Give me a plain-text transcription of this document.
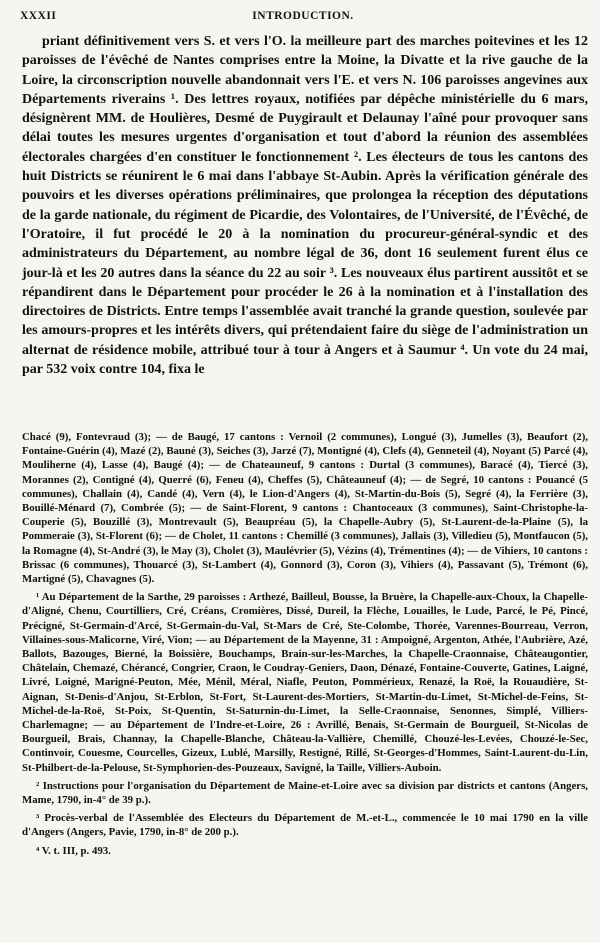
XXXII	INTRODUCTION.
priant définitivement vers S. et vers l'O. la meilleure part des marches poitevines et les 12 paroisses de l'évêché de Nantes comprises entre la Moine, la Divatte et la rive gauche de la Loire, la circonscription nouvelle abandonnait vers l'E. et vers N. 106 paroisses angevines aux Départements riverains ¹. Des lettres royaux, notifiées par dépêche ministérielle du 6 mars, désignèrent MM. de Houlières, Desmé de Puygirault et Delaunay l'aîné pour provoquer sans délai toutes les mesures urgentes d'organisation et tout d'abord la réunion des assemblées électorales chargées d'en constituer le fonctionnement ². Les électeurs de tous les cantons des huit Districts se réunirent le 6 mai dans l'abbaye St-Aubin. Après la vérification générale des pouvoirs et les diverses opérations préliminaires, que prolongea la réception des députations de la garde nationale, du régiment de Picardie, des Volontaires, de l'Université, de l'Évêché, de l'Oratoire, il fut procédé le 20 à la nomination du procureur-général-syndic et des administrateurs du Département, au nombre légal de 36, dont 16 seulement furent élus ce jour-là et les 20 autres dans la séance du 22 au soir ³. Les nouveaux élus partirent aussitôt et se répandirent dans le Département pour procéder le 26 à la nomination et à l'installation des directoires de Districts. Entre temps l'assemblée avait tranché la grande question, soulevée par les amours-propres et les intérêts divers, qui prétendaient faire du siège de l'administration un alternat de résidence mobile, attribué tour à tour à Angers et à Saumur ⁴. Un vote du 24 mai, par 532 voix contre 104, fixa le

Chacé (9), Fontevraud (3); — de Baugé, 17 cantons : Vernoil (2 communes), Longué (3), Jumelles (3), Beaufort (2), Fontaine-Guérin (4), Mazé (2), Bauné (3), Seiches (3), Jarzé (7), Montigné (4), Clefs (4), Genneteil (4), Noyant (5) Parcé (4), Mouliherne (4), Lasse (4), Baugé (4); — de Chateauneuf, 9 cantons : Durtal (3 communes), Baracé (4), Tiercé (3), Morannes (2), Contigné (4), Querré (6), Feneu (4), Cheffes (5), Châteauneuf (4); — de Segré, 10 cantons : Pouancé (5 communes), Challain (4), Candé (4), Vern (4), le Lion-d'Angers (4), St-Martin-du-Bois (5), Segré (4), la Ferrière (3), Bouillé-Ménard (7), Combrée (5); — de Saint-Florent, 9 cantons : Chantoceaux (3 communes), Saint-Christophe-la-Couperie (5), Bouzillé (3), Montrevault (5), Beaupréau (5), la Chapelle-Aubry (5), St-Laurent-de-la-Plaine (5), la Pommeraie (3), St-Florent (6); — de Cholet, 11 cantons : Chemillé (3 communes), Jallais (3), Villedieu (5), Montfaucon (5), la Romagne (4), St-André (3), le May (3), Cholet (3), Maulévrier (5), Vézins (4), Trémentines (4); — de Vihiers, 10 cantons : Brissac (6 communes), Thouarcé (3), St-Lambert (4), Gonnord (3), Coron (3), Vihiers (4), Passavant (5), Trémont (6), Martigné (5), Chavagnes (5).

¹ Au Département de la Sarthe, 29 paroisses : Arthezé, Bailleul, Bousse, la Bruère, la Chapelle-aux-Choux, la Chapelle-d'Aligné, Chenu, Courtilliers, Cré, Créans, Cromières, Dissé, Dureil, la Flèche, Louailles, le Lude, Parcé, le Pé, Pincé, Précigné, St-Germain-d'Arcé, St-Germain-du-Val, St-Mars de Cré, Ste-Colombe, Thorée, Varennes-Bourreau, Verron, Villaines-sous-Malicorne, Viré, Vion; — au Département de la Mayenne, 31 : Ampoigné, Argenton, Athée, l'Aubrière, Azé, Ballots, Bazouges, Bierné, la Boissière, Bouchamps, Brain-sur-les-Marches, la Chapelle-Craonnaise, Châteaugontier, Châtelain, Chemazé, Chérancé, Congrier, Craon, le Coudray-Geniers, Daon, Dénazé, Fontaine-Couverte, Gatines, Laigné, Livré, Loigné, Marigné-Peuton, Mée, Ménil, Méral, Niafle, Peuton, Pommérieux, Renazé, la Roë, la Rouaudière, St-Aignan, St-Denis-d'Anjou, St-Erblon, St-Fort, St-Laurent-des-Mortiers, St-Martin-du-Limet, St-Michel-de-Feins, St-Michel-de-la-Roë, St-Poix, St-Quentin, St-Saturnin-du-Limet, la Selle-Craonnaise, Senonnes, Simplé, Villiers-Charlemagne; — au Département de l'Indre-et-Loire, 26 : Avrillé, Benais, St-Germain de Bourgueil, St-Nicolas de Bourgueil, Brais, Channay, la Chapelle-Blanche, Château-la-Vallière, Chemillé, Chouzé-les-Levées, Chouzé-le-Sec, Continvoir, Couesme, Courcelles, Gizeux, Lublé, Marsilly, Restigné, Rillé, St-Georges-d'Hommes, Saint-Laurent-du-Lin, St-Philbert-de-la-Pelouse, St-Symphorien-des-Pouzeaux, Savigné, la Taille, Villiers-Auboin.

² Instructions pour l'organisation du Département de Maine-et-Loire avec sa division par districts et cantons (Angers, Mame, 1790, in-4° de 39 p.).

³ Procès-verbal de l'Assemblée des Electeurs du Département de M.-et-L., commencée le 10 mai 1790 en la ville d'Angers (Angers, Pavie, 1790, in-8° de 200 p.).

⁴ V. t. III, p. 493.
